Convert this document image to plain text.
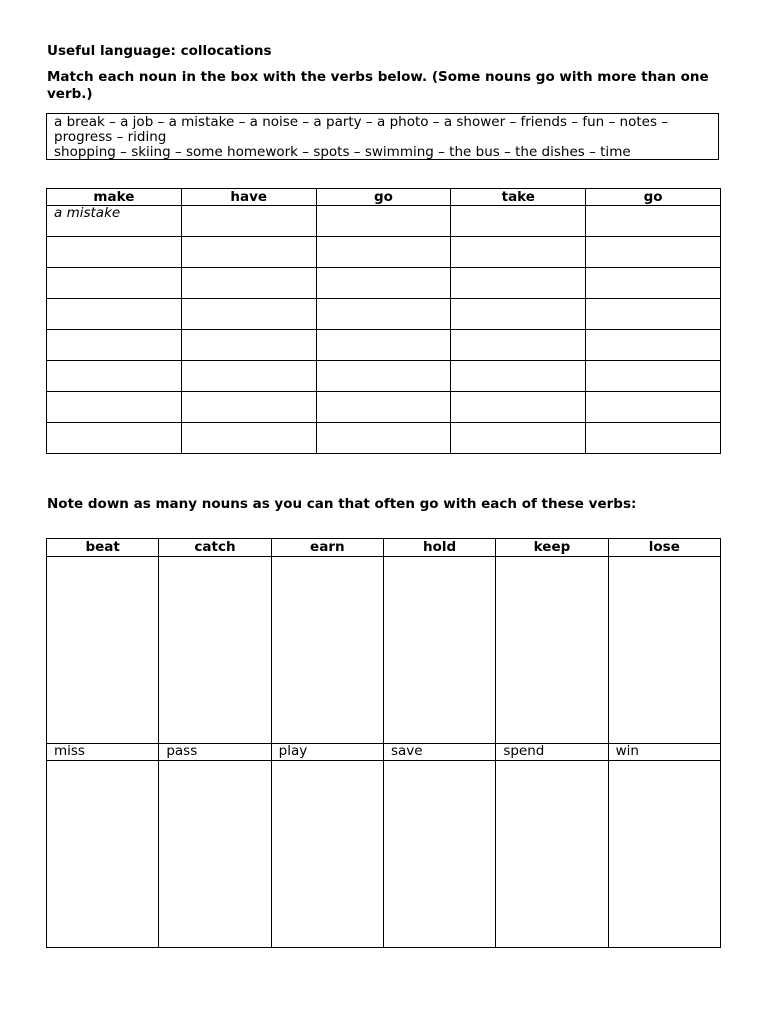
Useful language: collocations
Match each noun in the box with the verbs below. (Some nouns go with more than one verb.)
a break – a job – a mistake – a noise – a party – a photo – a shower – friends – fun – notes – progress – riding
shopping – skiing – some homework – spots – swimming – the bus – the dishes – time
make	have	go	take	go
a mistake				

Note down as many nouns as you can that often go with each of these verbs:
beat	catch	earn	hold	keep	lose

miss	pass	play	save	spend	win
